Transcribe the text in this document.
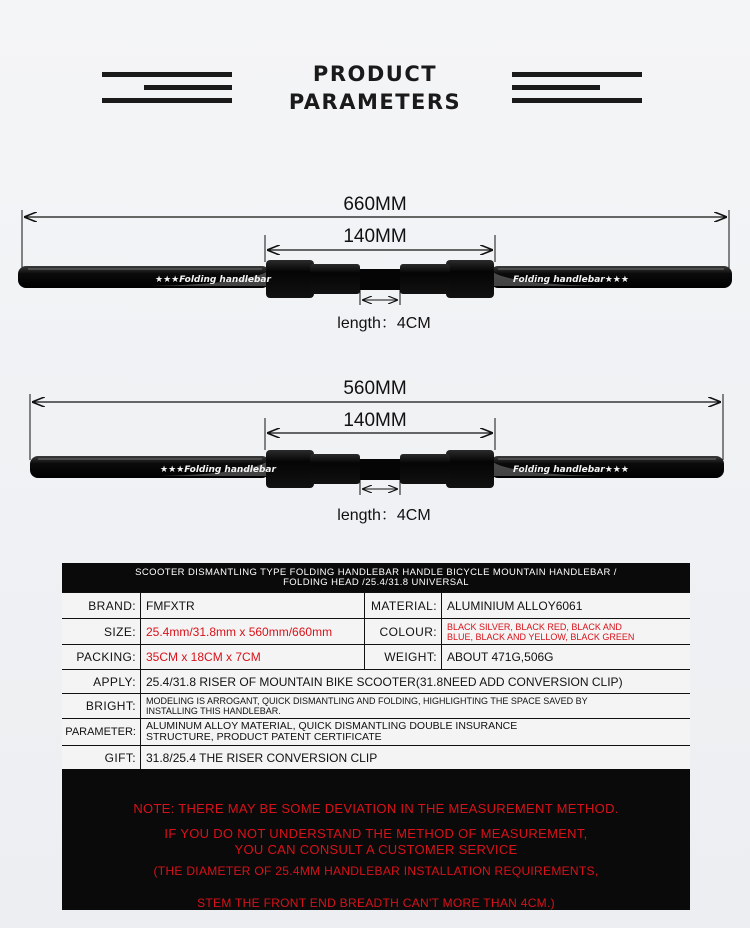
PRODUCT
PARAMETERS
660MM
140MM
★★★Folding handlebar	Folding handlebar★★★
length：4CM
560MM
140MM
★★★Folding handlebar	Folding handlebar★★★
length：4CM
SCOOTER DISMANTLING TYPE FOLDING HANDLEBAR HANDLE BICYCLE MOUNTAIN HANDLEBAR /
FOLDING HEAD /25.4/31.8 UNIVERSAL
BRAND: FMFXTR	MATERIAL: ALUMINIUM ALLOY6061
SIZE: 25.4mm/31.8mm x 560mm/660mm	COLOUR:	BLACK SILVER, BLACK RED, BLACK AND
BLUE, BLACK AND YELLOW, BLACK GREEN
PACKING: 35CM x 18CM x 7CM	WEIGHT: ABOUT 471G,506G
APPLY: 25.4/31.8 RISER OF MOUNTAIN BIKE SCOOTER(31.8NEED ADD CONVERSION CLIP)
BRIGHT:	MODELING IS ARROGANT, QUICK DISMANTLING AND FOLDING, HIGHLIGHTING THE SPACE SAVED BY
INSTALLING THIS HANDLEBAR.
PARAMETER: ALUMINUM ALLOY MATERIAL, QUICK DISMANTLING DOUBLE INSURANCE
STRUCTURE, PRODUCT PATENT CERTIFICATE
GIFT: 31.8/25.4 THE RISER CONVERSION CLIP
NOTE: THERE MAY BE SOME DEVIATION IN THE MEASUREMENT METHOD.
IF YOU DO NOT UNDERSTAND THE METHOD OF MEASUREMENT,
YOU CAN CONSULT A CUSTOMER SERVICE
(THE DIAMETER OF 25.4MM HANDLEBAR INSTALLATION REQUIREMENTS,
STEM THE FRONT END BREADTH CAN'T MORE THAN 4CM.)
